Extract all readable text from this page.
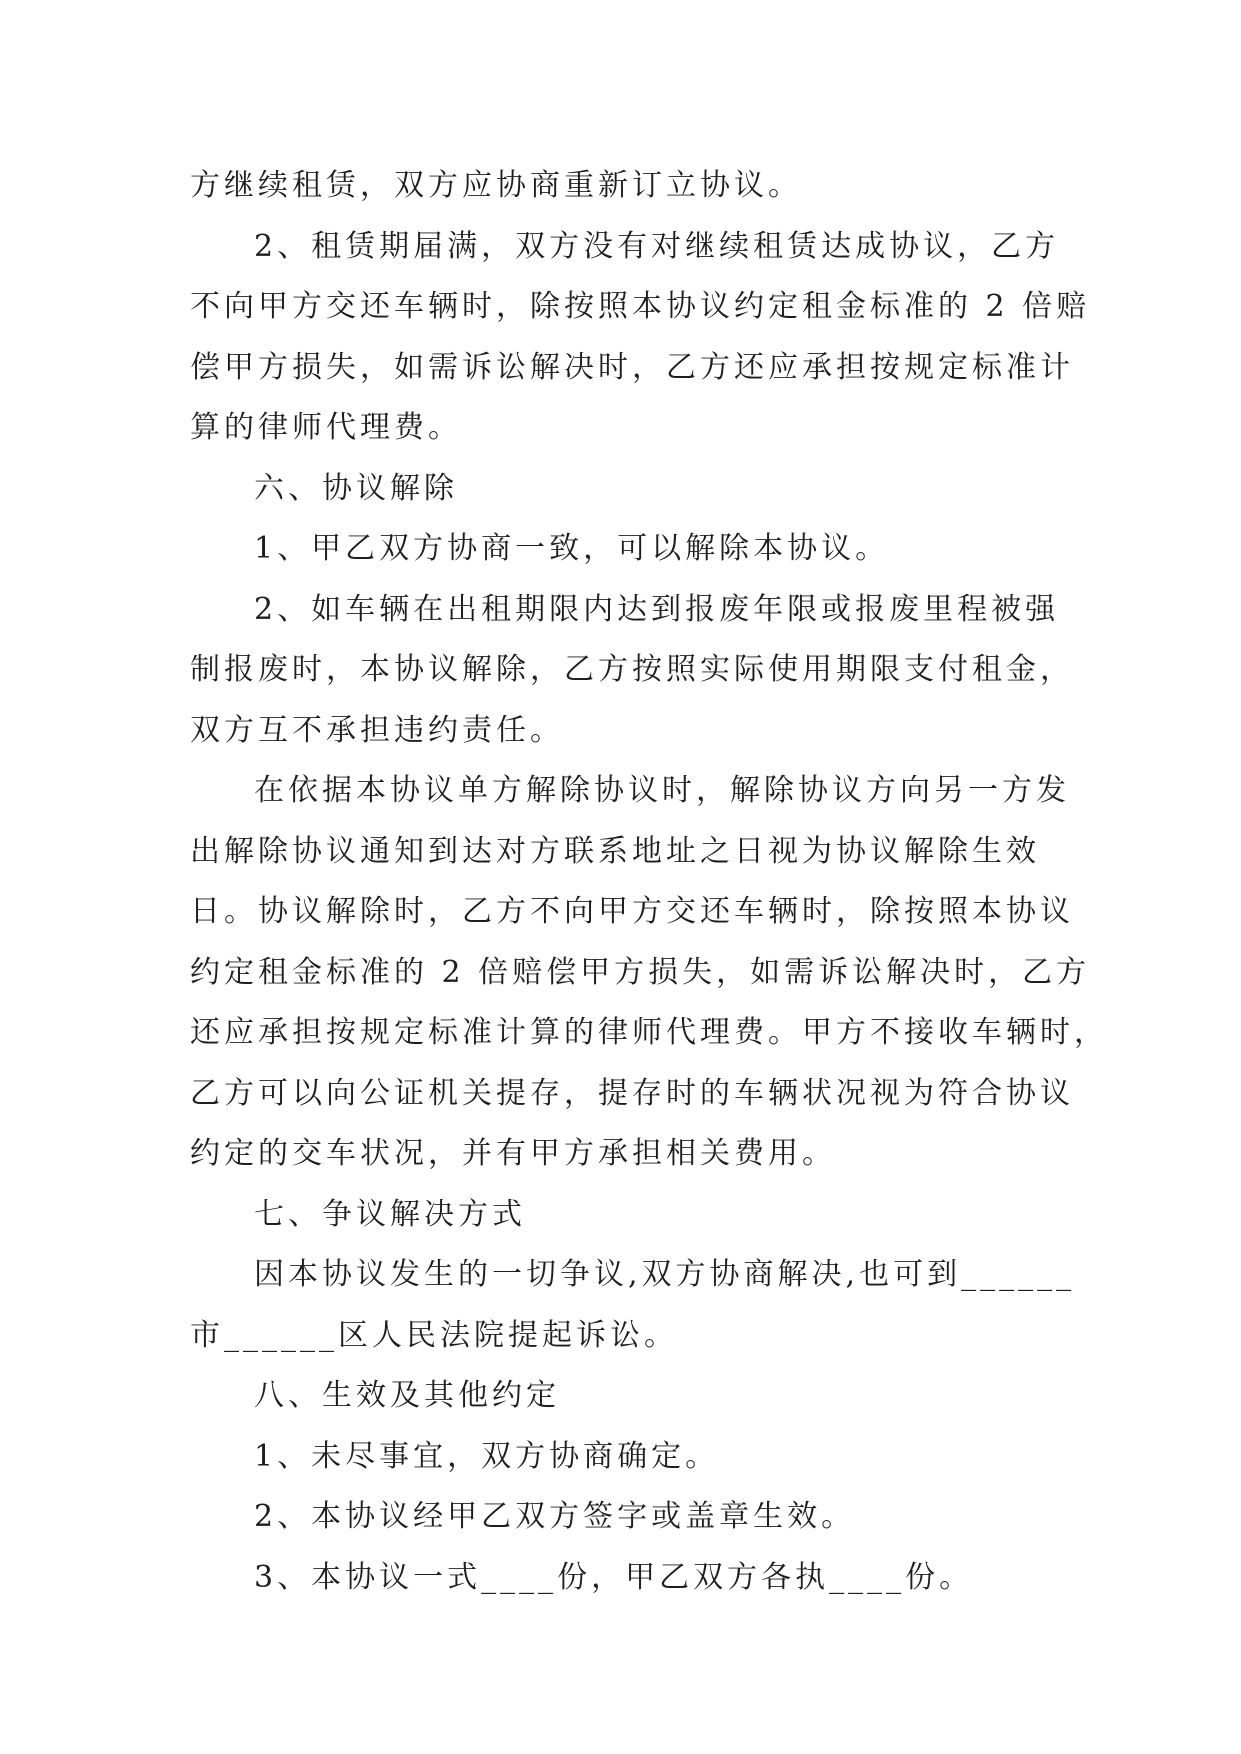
方继续租赁，双方应协商重新订立协议。
2、租赁期届满，双方没有对继续租赁达成协议，乙方
不向甲方交还车辆时，除按照本协议约定租金标准的 2 倍赔
偿甲方损失，如需诉讼解决时，乙方还应承担按规定标准计
算的律师代理费。
六、协议解除
1、甲乙双方协商一致，可以解除本协议。
2、如车辆在出租期限内达到报废年限或报废里程被强
制报废时，本协议解除，乙方按照实际使用期限支付租金，
双方互不承担违约责任。
在依据本协议单方解除协议时，解除协议方向另一方发
出解除协议通知到达对方联系地址之日视为协议解除生效
日。协议解除时，乙方不向甲方交还车辆时，除按照本协议
约定租金标准的 2 倍赔偿甲方损失，如需诉讼解决时，乙方
还应承担按规定标准计算的律师代理费。甲方不接收车辆时，
乙方可以向公证机关提存，提存时的车辆状况视为符合协议
约定的交车状况，并有甲方承担相关费用。
七、争议解决方式
因本协议发生的一切争议,双方协商解决,也可到______
市______区人民法院提起诉讼。
八、生效及其他约定
1、未尽事宜，双方协商确定。
2、本协议经甲乙双方签字或盖章生效。
3、本协议一式____份，甲乙双方各执____份。
